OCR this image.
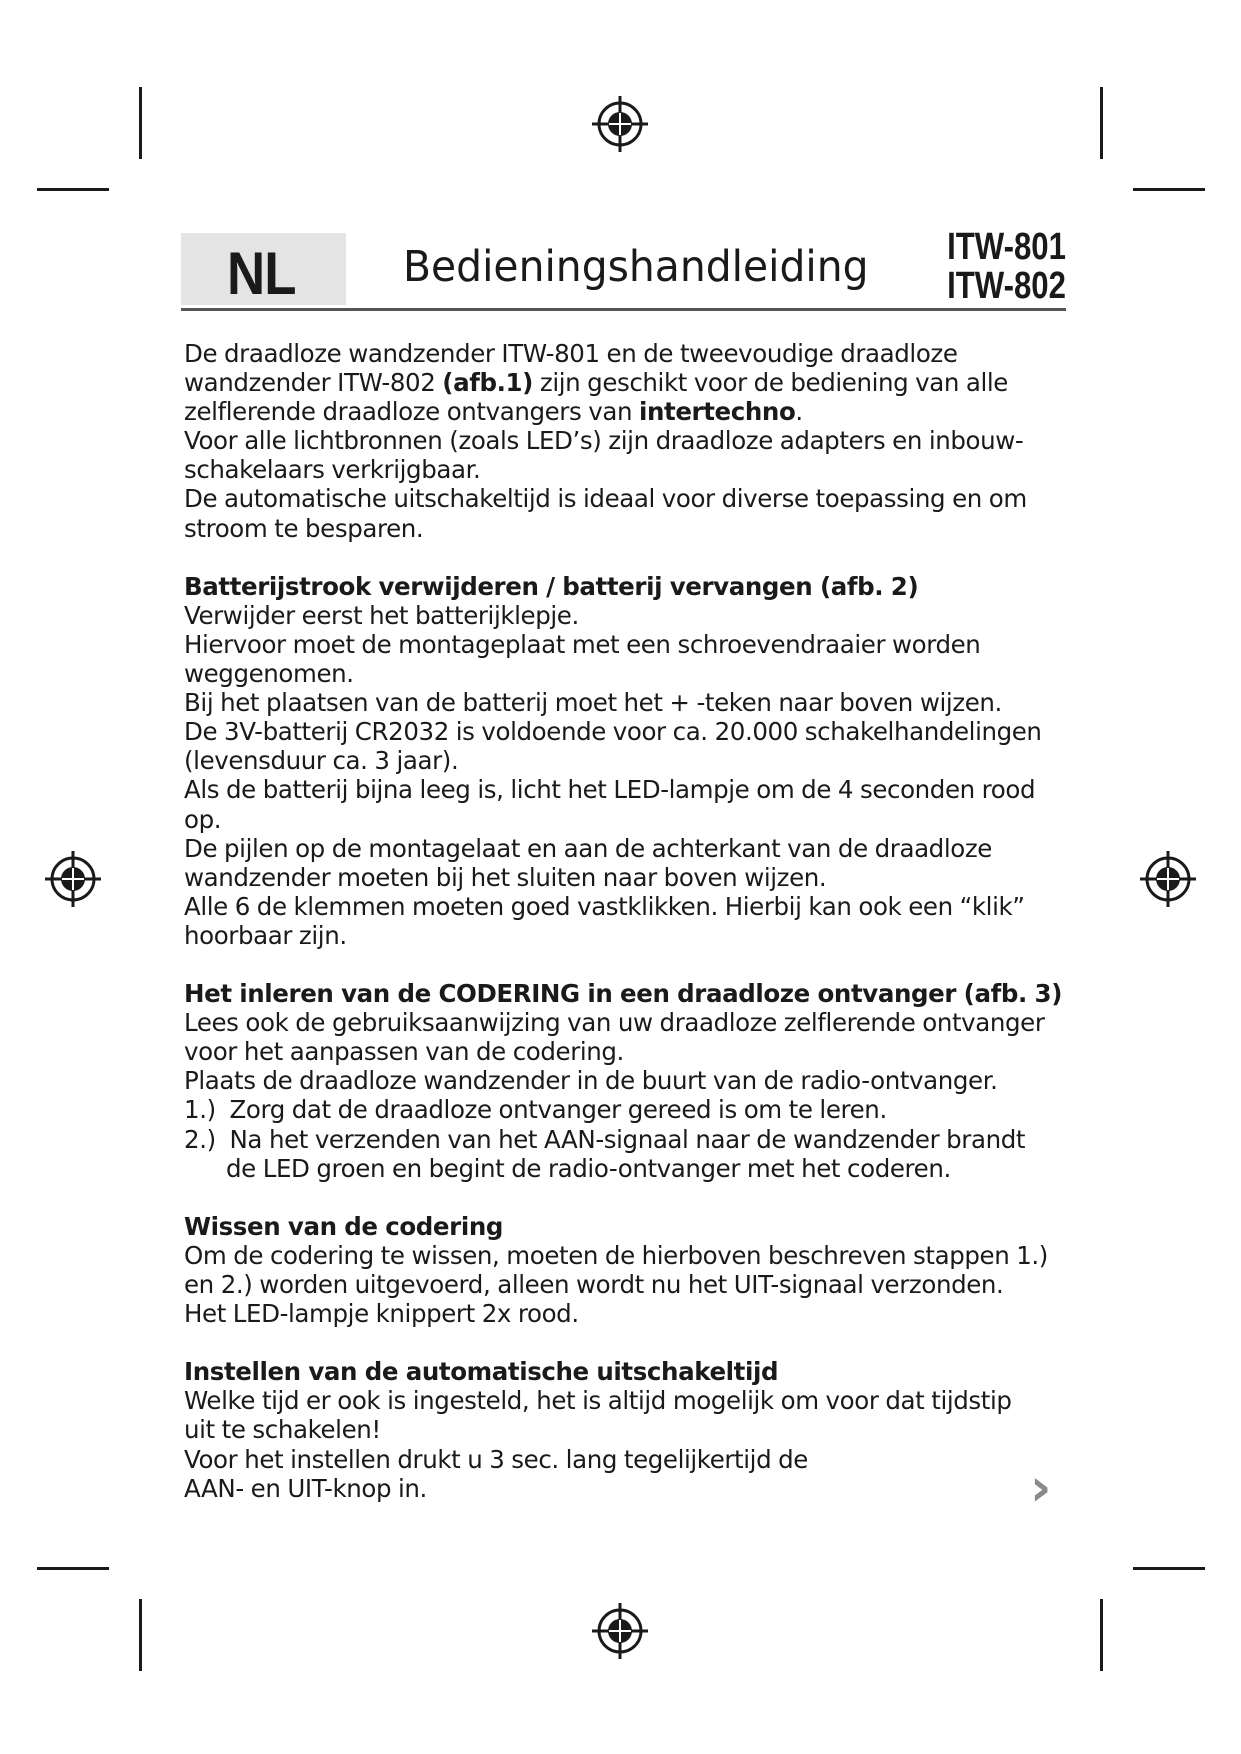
NL Bedieningshandleiding ITW-801
ITW-802

De draadloze wandzender ITW-801 en de tweevoudige draadloze

wandzender ITW-802 (afb.1) zijn geschikt voor de bediening van alle

zelflerende draadloze ontvangers van intertechno.

Voor alle lichtbronnen (zoals LED’s) zijn draadloze adapters en inbouw-

schakelaars verkrijgbaar.

De automatische uitschakeltijd is ideaal voor diverse toepassing en om

stroom te besparen.

Batterijstrook verwijderen / batterij vervangen (afb. 2)

Verwijder eerst het batterijklepje.

Hiervoor moet de montageplaat met een schroevendraaier worden

weggenomen.

Bij het plaatsen van de batterij moet het + -teken naar boven wijzen.

De 3V-batterij CR2032 is voldoende voor ca. 20.000 schakelhandelingen

(levensduur ca. 3 jaar).

Als de batterij bijna leeg is, licht het LED-lampje om de 4 seconden rood

op.

De pijlen op de montagelaat en aan de achterkant van de draadloze

wandzender moeten bij het sluiten naar boven wijzen.

Alle 6 de klemmen moeten goed vastklikken. Hierbij kan ook een “klik”

hoorbaar zijn.

Het inleren van de CODERING in een draadloze ontvanger (afb. 3)

Lees ook de gebruiksaanwijzing van uw draadloze zelflerende ontvanger

voor het aanpassen van de codering.

Plaats de draadloze wandzender in de buurt van de radio-ontvanger.

1.)  Zorg dat de draadloze ontvanger gereed is om te leren.

2.)  Na het verzenden van het AAN-signaal naar de wandzender brandt

de LED groen en begint de radio-ontvanger met het coderen.

Wissen van de codering

Om de codering te wissen, moeten de hierboven beschreven stappen 1.)

en 2.) worden uitgevoerd, alleen wordt nu het UIT-signaal verzonden.

Het LED-lampje knippert 2x rood.

Instellen van de automatische uitschakeltijd

Welke tijd er ook is ingesteld, het is altijd mogelijk om voor dat tijdstip

uit te schakelen!

Voor het instellen drukt u 3 sec. lang tegelijkertijd de

AAN- en UIT-knop in.	›
